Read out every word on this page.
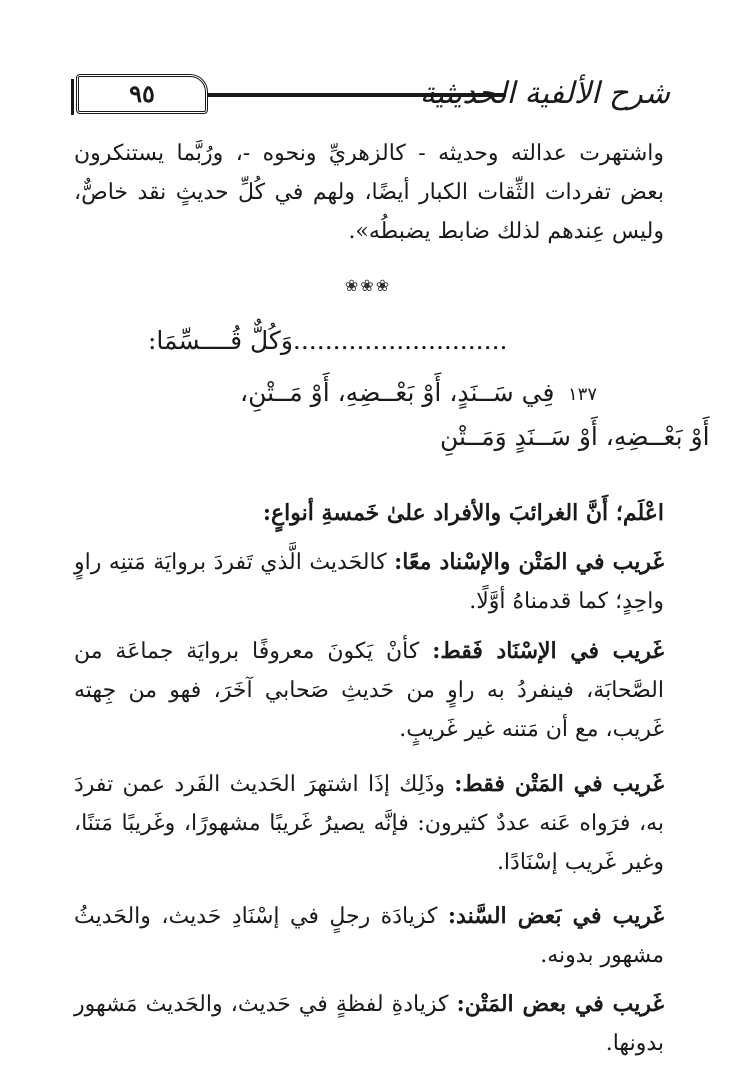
٩٥	شرح الألفية الحديثية

واشتهرت عدالته وحديثه - كالزهريِّ ونحوه -، ورُبَّما يستنكرون بعض تفردات الثِّقات الكبار أيضًا، ولهم في كُلِّ حديثٍ نقد خاصٌّ، وليس عِندهم لذلك ضابط يضبطُه».

❀❀❀
...........................وَكُلٌّ قُــــسِّمَا:
١٣٧
فِي سَــنَدٍ، أَوْ بَعْــضِهِ، أَوْ مَــتْنِ،
أَوْ بَعْــضِهِ، أَوْ سَــنَدٍ وَمَــتْنِ

اعْلَم؛ أَنَّ الغرائبَ والأفراد علىٰ خَمسةِ أنواعٍ:

غَريب في المَتْن والإسْناد معًا: كالحَديث الَّذي تَفردَ بروايَة مَتنِه راوٍ واحِدٍ؛ كما قدمناهُ أوَّلًا.

غَريب في الإسْنَاد فَقط: كأنْ يَكونَ معروفًا بروايَة جماعَة من الصَّحابَة، فينفردُ به راوٍ من حَديثِ صَحابي آخَرَ، فهو من جِهته غَريب، مع أن مَتنه غير غَريبٍ.

غَريب في المَتْن فقط: وذَلِك إذَا اشتهرَ الحَديث الفَرد عمن تفردَ به، فرَواه عَنه عددٌ كثيرون: فإنَّه يصيرُ غَريبًا مشهورًا، وغَريبًا مَتنًا، وغير غَريب إسْنَادًا.

غَريب في بَعض السَّند: كزيادَة رجلٍ في إسْنَادِ حَديث، والحَديثُ مشهور بدونه.

غَريب في بعض المَتْن: كزيادةِ لفظةٍ في حَديث، والحَديث مَشهور بدونها.
